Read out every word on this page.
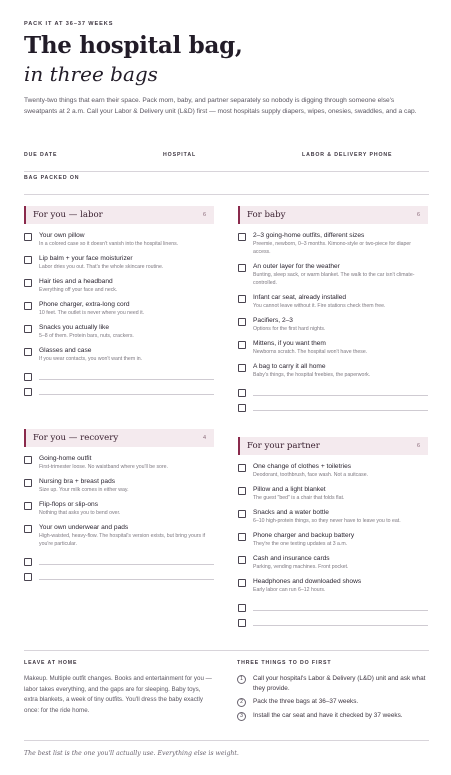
PACK IT AT 36–37 WEEKS
The hospital bag,
in three bags
Twenty-two things that earn their space. Pack mom, baby, and partner separately so nobody is digging through someone else's sweatpants at 2 a.m. Call your Labor & Delivery unit (L&D) first — most hospitals supply diapers, wipes, onesies, swaddles, and a cap.
DUE DATE	HOSPITAL	LABOR & DELIVERY PHONE
BAG PACKED ON
For you — labor	6
Your own pillow
In a colored case so it doesn't vanish into the hospital linens.
Lip balm + your face moisturizer
Labor dries you out. That's the whole skincare routine.
Hair ties and a headband
Everything off your face and neck.
Phone charger, extra-long cord
10 feet. The outlet is never where you need it.
Snacks you actually like
5–8 of them. Protein bars, nuts, crackers.
Glasses and case
If you wear contacts, you won't want them in.
For baby	6
2–3 going-home outfits, different sizes
Preemie, newborn, 0–3 months. Kimono-style or two-piece for diaper access.
An outer layer for the weather
Bunting, sleep sack, or warm blanket. The walk to the car isn't climate-controlled.
Infant car seat, already installed
You cannot leave without it. Fire stations check them free.
Pacifiers, 2–3
Options for the first hard nights.
Mittens, if you want them
Newborns scratch. The hospital won't have these.
A bag to carry it all home
Baby's things, the hospital freebies, the paperwork.
For you — recovery	4
Going-home outfit
First-trimester loose. No waistband where you'll be sore.
Nursing bra + breast pads
Size up. Your milk comes in either way.
Flip-flops or slip-ons
Nothing that asks you to bend over.
Your own underwear and pads
High-waisted, heavy-flow. The hospital's version exists, but bring yours if you're particular.
For your partner	6
One change of clothes + toiletries
Deodorant, toothbrush, face wash. Not a suitcase.
Pillow and a light blanket
The guest "bed" is a chair that folds flat.
Snacks and a water bottle
6–10 high-protein things, so they never have to leave you to eat.
Phone charger and backup battery
They're the one texting updates at 3 a.m.
Cash and insurance cards
Parking, vending machines. Front pocket.
Headphones and downloaded shows
Early labor can run 6–12 hours.
LEAVE AT HOME
Makeup. Multiple outfit changes. Books and entertainment for you — labor takes everything, and the gaps are for sleeping. Baby toys, extra blankets, a week of tiny outfits. You'll dress the baby exactly once: for the ride home.
THREE THINGS TO DO FIRST
1	Call your hospital's Labor & Delivery (L&D) unit and ask what they provide.
2	Pack the three bags at 36–37 weeks.
3	Install the car seat and have it checked by 37 weeks.
The best list is the one you'll actually use. Everything else is weight.
